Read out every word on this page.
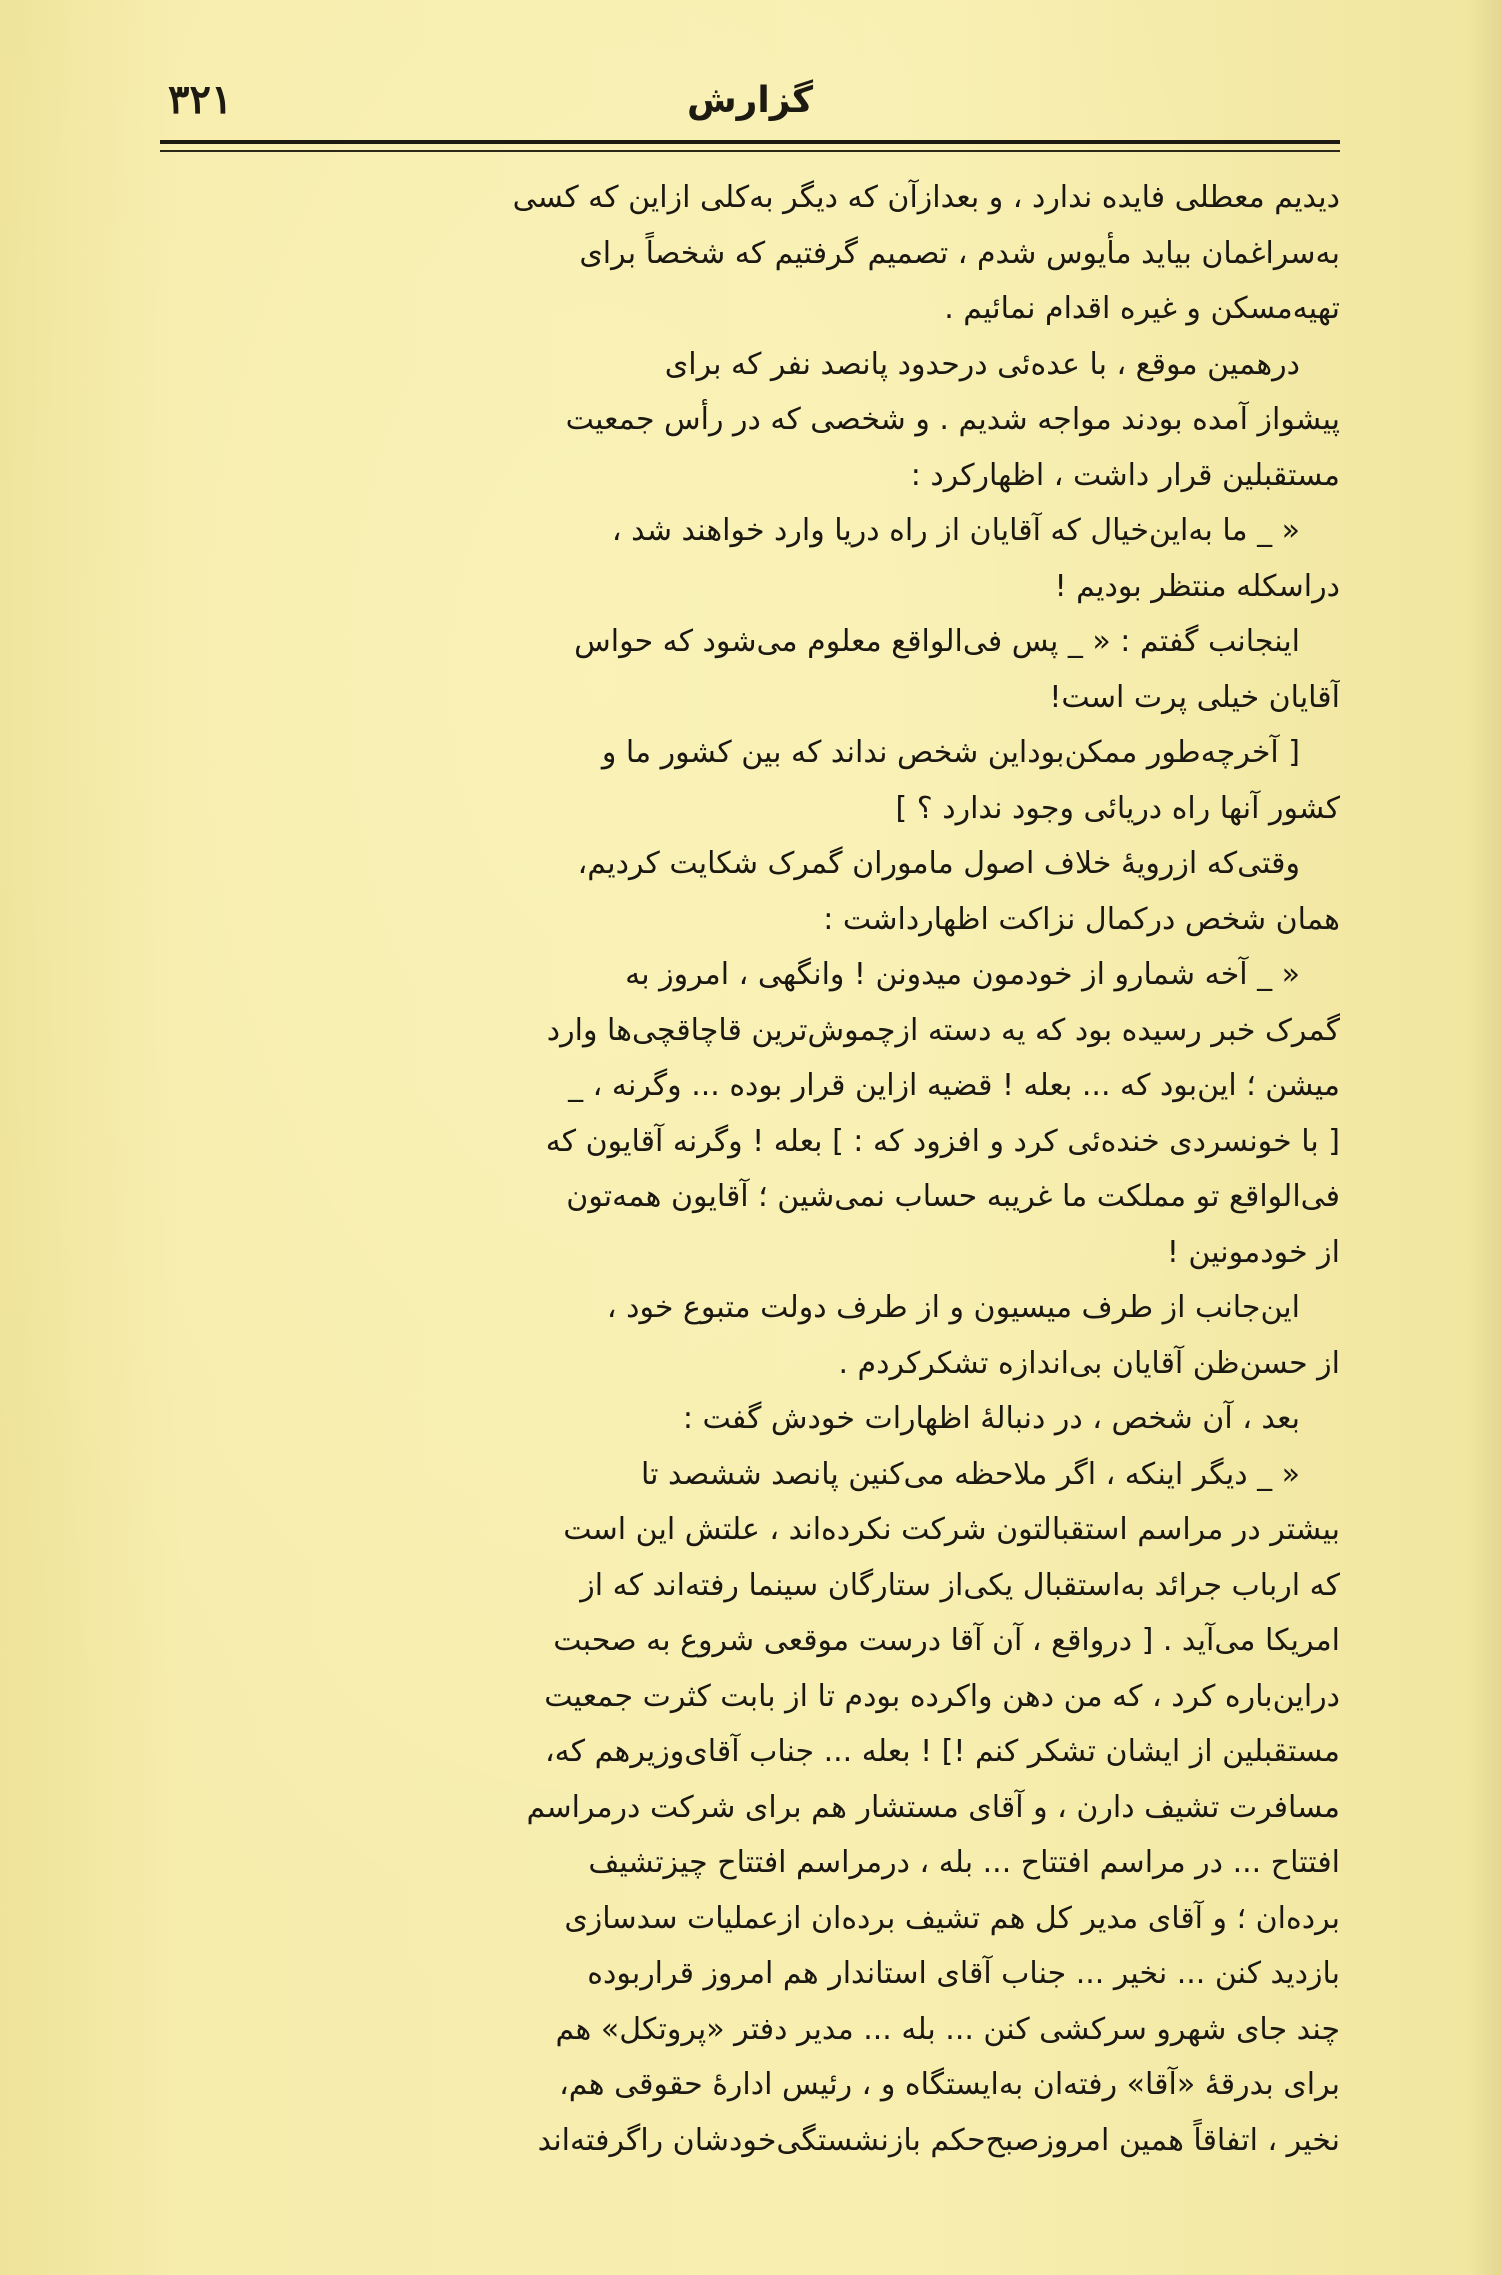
۱۲۳	گزارش
دیدیم معطلی فایده ندارد ، و بعدازآن که دیگر به‌کلی ازاین که کسی
به‌سراغمان بیاید مأیوس شدم ، تصمیم گرفتیم که شخصاً برای
تهیه‌مسکن و غیره اقدام نمائیم .
درهمین موقع ، با عده‌ئی درحدود پانصد نفر که برای
پیشواز آمده بودند مواجه شدیم . و شخصی که در رأس جمعیت
مستقبلین قرار داشت ، اظهارکرد :
« _ ما به‌این‌خیال که آقایان از راه دریا وارد خواهند شد ،
دراسکله منتظر بودیم !
اینجانب گفتم : « _ پس فی‌الواقع معلوم می‌شود که حواس
آقایان خیلی پرت است!
[ آخرچه‌طور ممکن‌بوداین شخص نداند که بین کشور ما و
کشور آنها راه دریائی وجود ندارد ؟ ]
وقتی‌که ازرویهٔ خلاف اصول ماموران گمرک شکایت کردیم،
همان شخص درکمال نزاکت اظهارداشت :
« _ آخه شمارو از خودمون میدونن ! وانگهی ، امروز به
گمرک خبر رسیده بود که یه دسته ازچموش‌ترین قاچاقچی‌ها وارد
میشن ؛ این‌بود که ... بعله ! قضیه ازاین قرار بوده ... وگرنه ، _
[ با خونسردی خنده‌ئی کرد و افزود که : ] بعله ! وگرنه آقایون که
فی‌الواقع تو مملکت ما غریبه حساب نمی‌شین ؛ آقایون همه‌تون
از خودمونین !
این‌جانب از طرف میسیون و از طرف دولت متبوع خود ،
از حسن‌ظن آقایان بی‌اندازه تشکرکردم .
بعد ، آن شخص ، در دنبالهٔ اظهارات خودش گفت :
« _ دیگر اینکه ، اگر ملاحظه می‌کنین پانصد ششصد تا
بیشتر در مراسم استقبالتون شرکت نکرده‌اند ، علتش این است
که ارباب جرائد به‌استقبال یکی‌از ستارگان سینما رفته‌اند که از
امریکا می‌آید . [ درواقع ، آن آقا درست موقعی شروع به صحبت
دراین‌باره کرد ، که من دهن واکرده بودم تا از بابت کثرت جمعیت
مستقبلین از ایشان تشکر کنم !] ! بعله ... جناب آقای‌وزیرهم که،
مسافرت تشیف دارن ، و آقای مستشار هم برای شرکت درمراسم
افتتاح ... در مراسم افتتاح ... بله ، درمراسم افتتاح چیزتشیف
برده‌ان ؛ و آقای مدیر کل هم تشیف برده‌ان ازعملیات سدسازی
بازدید کنن ... نخیر ... جناب آقای استاندار هم امروز قراربوده
چند جای شهرو سرکشی کنن ... بله ... مدیر دفتر «پروتکل» هم
برای بدرقهٔ «آقا» رفته‌ان به‌ایستگاه و ، رئیس ادارهٔ حقوقی هم،
نخیر ، اتفاقاً همین امروزصبح‌حکم بازنشستگی‌خودشان راگرفته‌اند
